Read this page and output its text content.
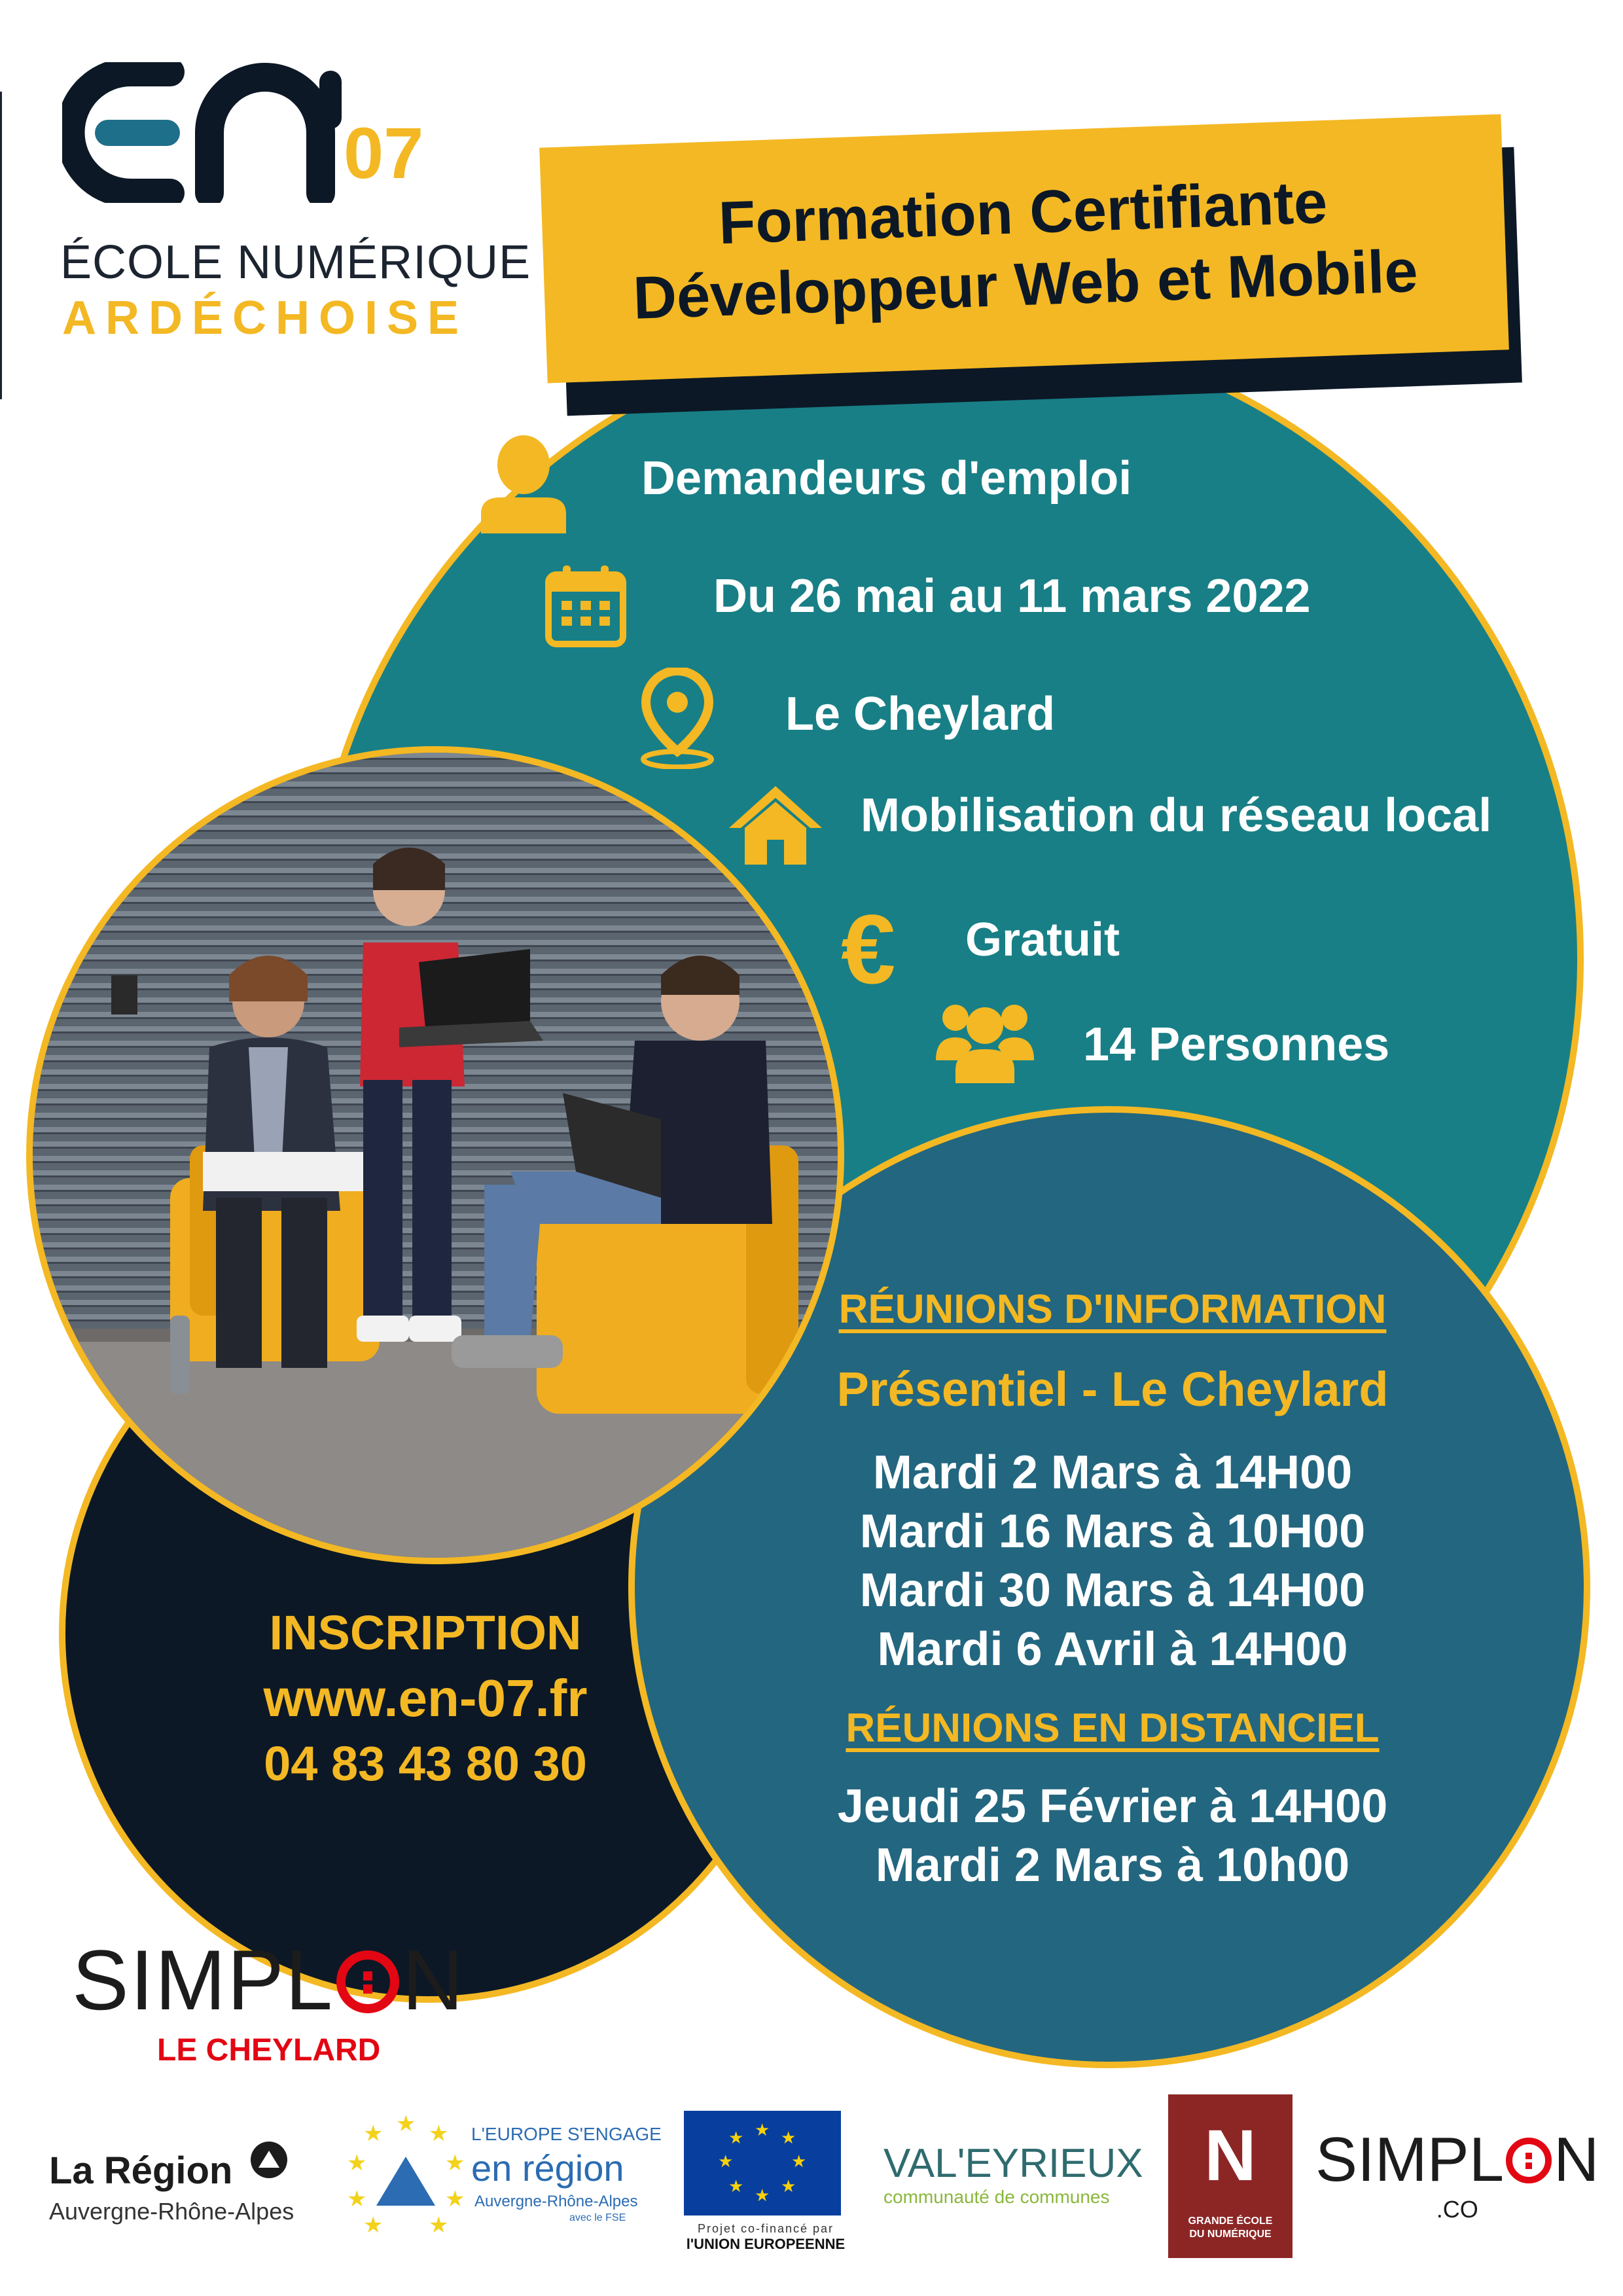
07
ÉCOLE NUMÉRIQUE
ARDÉCHOISE
Formation Certifiante
Développeur Web et Mobile
Demandeurs d'emploi
Du 26 mai au 11 mars 2022
Le Cheylard
Mobilisation du réseau local
€ Gratuit
14 Personnes
RÉUNIONS D'INFORMATION
Présentiel - Le Cheylard
Mardi 2 Mars à 14H00
Mardi 16 Mars à 10H00
Mardi 30 Mars à 14H00
Mardi 6 Avril à 14H00
RÉUNIONS EN DISTANCIEL
Jeudi 25 Février à 14H00
Mardi 2 Mars à 10h00
INSCRIPTION
www.en-07.fr
04 83 43 80 30
SIMPL N
LE CHEYLARD
La Région
Auvergne-Rhône-Alpes
★ ★
★
★
★
★
★
★
★
L'EUROPE S'ENGAGE
en région
Auvergne-Rhône-Alpes
avec le FSE
★ ★
★
★
★
★
★
★
Projet co-financé par
l'UNION EUROPEENNE
VAL'EYRIEUX
communauté de communes
N
GRANDE ÉCOLE
DU NUMÉRIQUE
SIMPL N
.CO
